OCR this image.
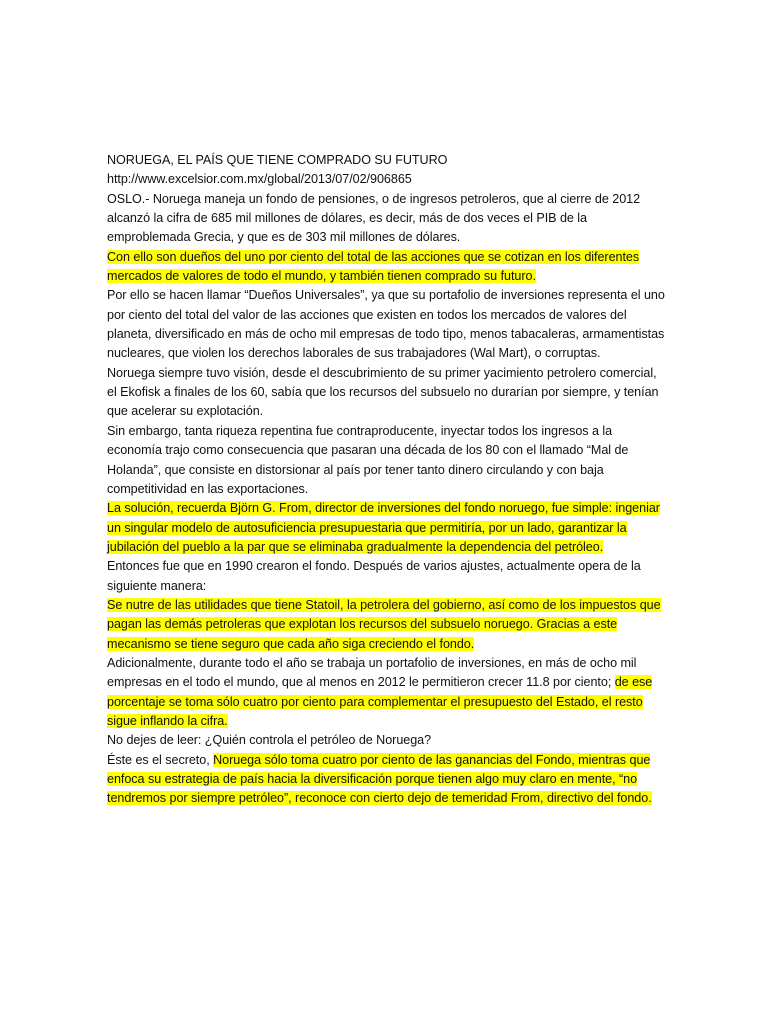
NORUEGA, EL PAÍS QUE TIENE COMPRADO SU FUTURO

http://www.excelsior.com.mx/global/2013/07/02/906865

OSLO.- Noruega maneja un fondo de pensiones, o de ingresos petroleros, que al cierre de 2012 alcanzó la cifra de 685 mil millones de dólares, es decir, más de dos veces el PIB de la emproblemada Grecia, y que es de 303 mil millones de dólares.

Con ello son dueños del uno por ciento del total de las acciones que se cotizan en los diferentes mercados de valores de todo el mundo, y también tienen comprado su futuro.

Por ello se hacen llamar “Dueños Universales”, ya que su portafolio de inversiones representa el uno por ciento del total del valor de las acciones que existen en todos los mercados de valores del planeta, diversificado en más de ocho mil empresas de todo tipo, menos tabacaleras, armamentistas nucleares, que violen los derechos laborales de sus trabajadores (Wal Mart), o corruptas.

Noruega siempre tuvo visión, desde el descubrimiento de su primer yacimiento petrolero comercial, el Ekofisk a finales de los 60, sabía que los recursos del subsuelo no durarían por siempre, y tenían que acelerar su explotación.

Sin embargo, tanta riqueza repentina fue contraproducente, inyectar todos los ingresos a la economía trajo como consecuencia que pasaran una década de los 80 con el llamado “Mal de Holanda”, que consiste en distorsionar al país por tener tanto dinero circulando y con baja competitividad en las exportaciones.

La solución, recuerda Björn G. From, director de inversiones del fondo noruego, fue simple: ingeniar un singular modelo de autosuficiencia presupuestaria que permitiría, por un lado, garantizar la jubilación del pueblo a la par que se eliminaba gradualmente la dependencia del petróleo.

Entonces fue que en 1990 crearon el fondo. Después de varios ajustes, actualmente opera de la siguiente manera:

Se nutre de las utilidades que tiene Statoil, la petrolera del gobierno, así como de los impuestos que pagan las demás petroleras que explotan los recursos del subsuelo noruego. Gracias a este mecanismo se tiene seguro que cada año siga creciendo el fondo.

Adicionalmente, durante todo el año se trabaja un portafolio de inversiones, en más de ocho mil empresas en el todo el mundo, que al menos en 2012 le permitieron crecer 11.8 por ciento; de ese porcentaje se toma sólo cuatro por ciento para complementar el presupuesto del Estado, el resto sigue inflando la cifra.

No dejes de leer: ¿Quién controla el petróleo de Noruega?

Éste es el secreto, Noruega sólo toma cuatro por ciento de las ganancias del Fondo, mientras que enfoca su estrategia de país hacia la diversificación porque tienen algo muy claro en mente, “no tendremos por siempre petróleo”, reconoce con cierto dejo de temeridad From, directivo del fondo.
